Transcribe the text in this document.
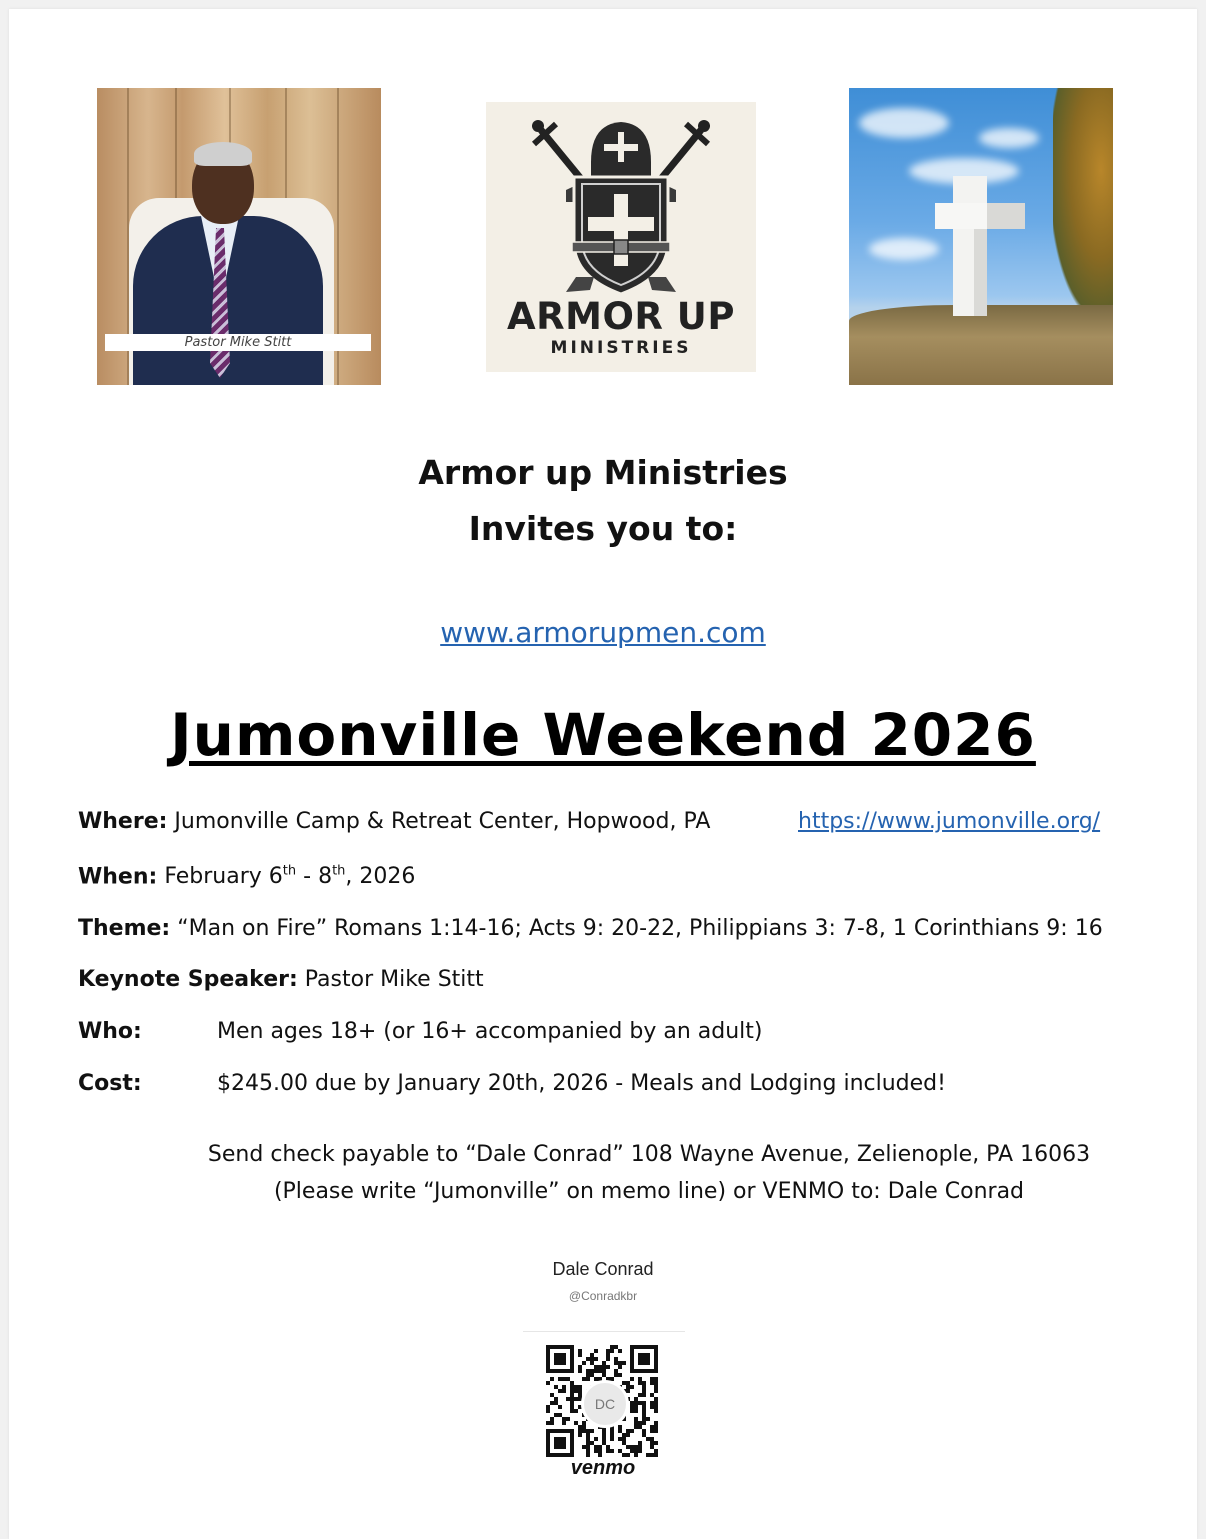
Pastor Mike Stitt
ARMOR UP
MINISTRIES
Armor up Ministries
Invites you to:
www.armorupmen.com
Jumonville Weekend 2026
Where: Jumonville Camp & Retreat Center, Hopwood, PA	https://www.jumonville.org/
When: February 6th - 8th, 2026
Theme: “Man on Fire” Romans 1:14-16; Acts 9: 20-22, Philippians 3: 7-8, 1 Corinthians 9: 16
Keynote Speaker: Pastor Mike Stitt
Who:	Men ages 18+ (or 16+ accompanied by an adult)
Cost:	$245.00 due by January 20th, 2026 - Meals and Lodging included!
Send check payable to “Dale Conrad” 108 Wayne Avenue, Zelienople, PA 16063
(Please write “Jumonville” on memo line) or VENMO to: Dale Conrad
Dale Conrad
@Conradkbr
DC
venmo
